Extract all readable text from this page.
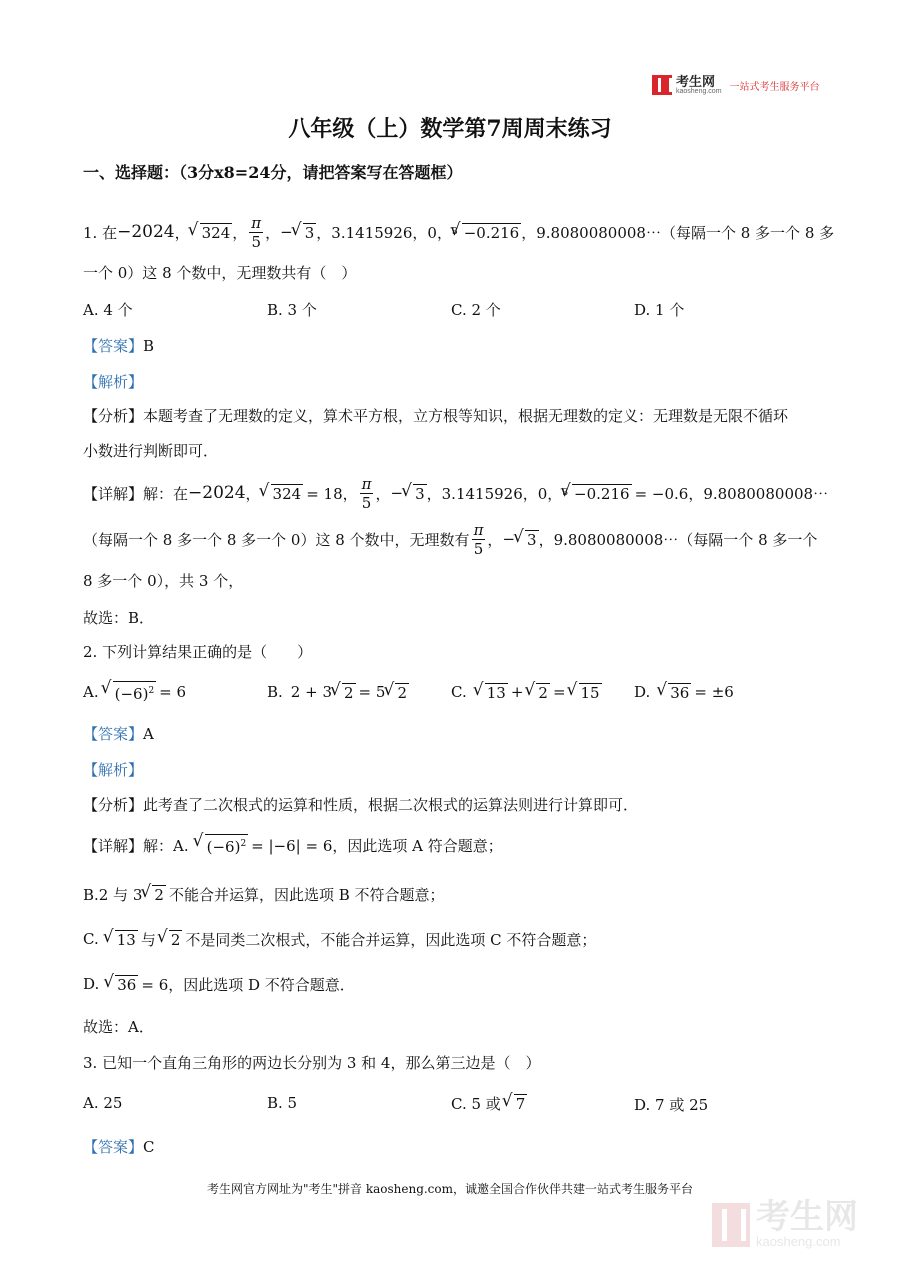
考生网
kaosheng.com 一站式考生服务平台
八年级（上）数学第7周周末练习
一、选择题：（3分x8=24分，请把答案写在答题框）
1. 在 −2024 ， √ 324 ， $\frac{\pi}{5}$ ， − √ 3 ， 3.1415926，0， 3 √ −0.216 ， 9.8080080008⋯（每隔一个 8 多一个 8 多
一个 0）这 8 个数中，无理数共有（　）
A. 4 个	B. 3 个	C. 2 个	D. 1 个
【答案】B
【解析】
【分析】本题考查了无理数的定义，算术平方根，立方根等知识，根据无理数的定义：无理数是无限不循环
小数进行判断即可．
【详解】解：在 −2024 ， √ 324 = 18， $\frac{\pi}{5}$ ， − √ 3 ， 3.1415926，0， 3 √ −0.216 = −0.6，9.8080080008⋯
（每隔一个 8 多一个 8 多一个 0）这 8 个数中，无理数有 $\frac{\pi}{5}$ ， − √ 3 ，9.8080080008⋯（每隔一个 8 多一个
8 多一个 0），共 3 个，
故选：B．
2. 下列计算结果正确的是（　　）
A.	√ $(-6)^2 = 6$	B. 2 + 3 √ 2 = 5 √ 2	C.	√ 13 +	√ 2 =	√ 15 D.	√ 36 = ±6
【答案】A
【解析】
【分析】此考查了二次根式的运算和性质，根据二次根式的运算法则进行计算即可．
【详解】解：A.	√ $(-6)^2 = |-6| = 6$，因此选项 A 符合题意；
B.2 与 3 √ 2 不能合并运算，因此选项 B 不符合题意；
C.	√ 13 与	√ 2 不是同类二次根式，不能合并运算，因此选项 C 不符合题意；
D.	√ 36 = 6，因此选项 D 不符合题意．
故选：A．
3. 已知一个直角三角形的两边长分别为 3 和 4，那么第三边是（　）
A. 25	B. 5	C. 5 或	√ 7	D. 7 或 25
【答案】C
考生网官方网址为"考生"拼音 kaosheng.com，诚邀全国合作伙伴共建一站式考生服务平台
考生网
kaosheng.com
